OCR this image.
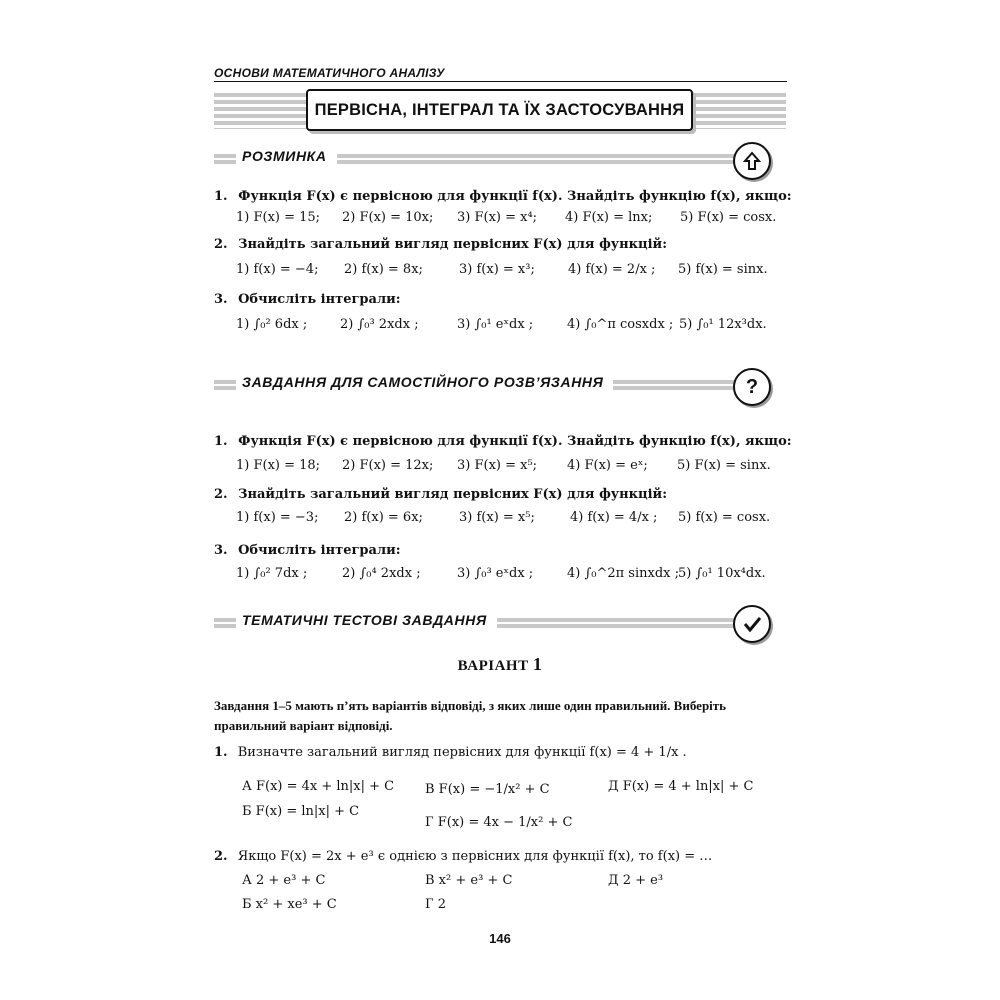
ОСНОВИ МАТЕМАТИЧНОГО АНАЛІЗУ
ПЕРВІСНА, ІНТЕГРАЛ ТА ЇХ ЗАСТОСУВАННЯ
РОЗМИНКА
1. Функція F(x) є первісною для функції f(x). Знайдіть функцію f(x), якщо:
1) F(x) = 15; 2) F(x) = 10x; 3) F(x) = x⁴; 4) F(x) = lnx; 5) F(x) = cosx.
2. Знайдіть загальний вигляд первісних F(x) для функцій:
1) f(x) = −4; 2) f(x) = 8x;	3) f(x) = x³;	4) f(x) = 2/x ; 5) f(x) = sinx.
3. Обчисліть інтеграли:
1) ∫₀² 6dx ;	2) ∫₀³ 2xdx ;	3) ∫₀¹ eˣdx ;	4) ∫₀^π cosxdx ; 5) ∫₀¹ 12x³dx.
ЗАВДАННЯ ДЛЯ САМОСТІЙНОГО РОЗВ’ЯЗАННЯ	?
1. Функція F(x) є первісною для функції f(x). Знайдіть функцію f(x), якщо:
1) F(x) = 18; 2) F(x) = 12x; 3) F(x) = x⁵; 4) F(x) = eˣ; 5) F(x) = sinx.
2. Знайдіть загальний вигляд первісних F(x) для функцій:
1) f(x) = −3; 2) f(x) = 6x;	3) f(x) = x⁵;	4) f(x) = 4/x ; 5) f(x) = cosx.
3. Обчисліть інтеграли:
1) ∫₀² 7dx ;	2) ∫₀⁴ 2xdx ;	3) ∫₀³ eˣdx ;	4) ∫₀^2π sinxdx ; 5) ∫₀¹ 10x⁴dx.
ТЕМАТИЧНІ ТЕСТОВІ ЗАВДАННЯ
ВАРІАНТ 1
Завдання 1–5 мають п’ять варіантів відповіді, з яких лише один правильний. Виберіть правильний варіант відповіді.
1. Визначте загальний вигляд первісних для функції f(x) = 4 + 1/x .
А F(x) = 4x + ln|x| + C
Б F(x) = ln|x| + C
В F(x) = −1/x² + C
Г F(x) = 4x − 1/x² + C
Д F(x) = 4 + ln|x| + C
2. Якщо F(x) = 2x + e³ є однією з первісних для функції f(x), то f(x) = …
А 2 + e³ + C
Б x² + xe³ + C
В x² + e³ + C
Г 2
Д 2 + e³
146
